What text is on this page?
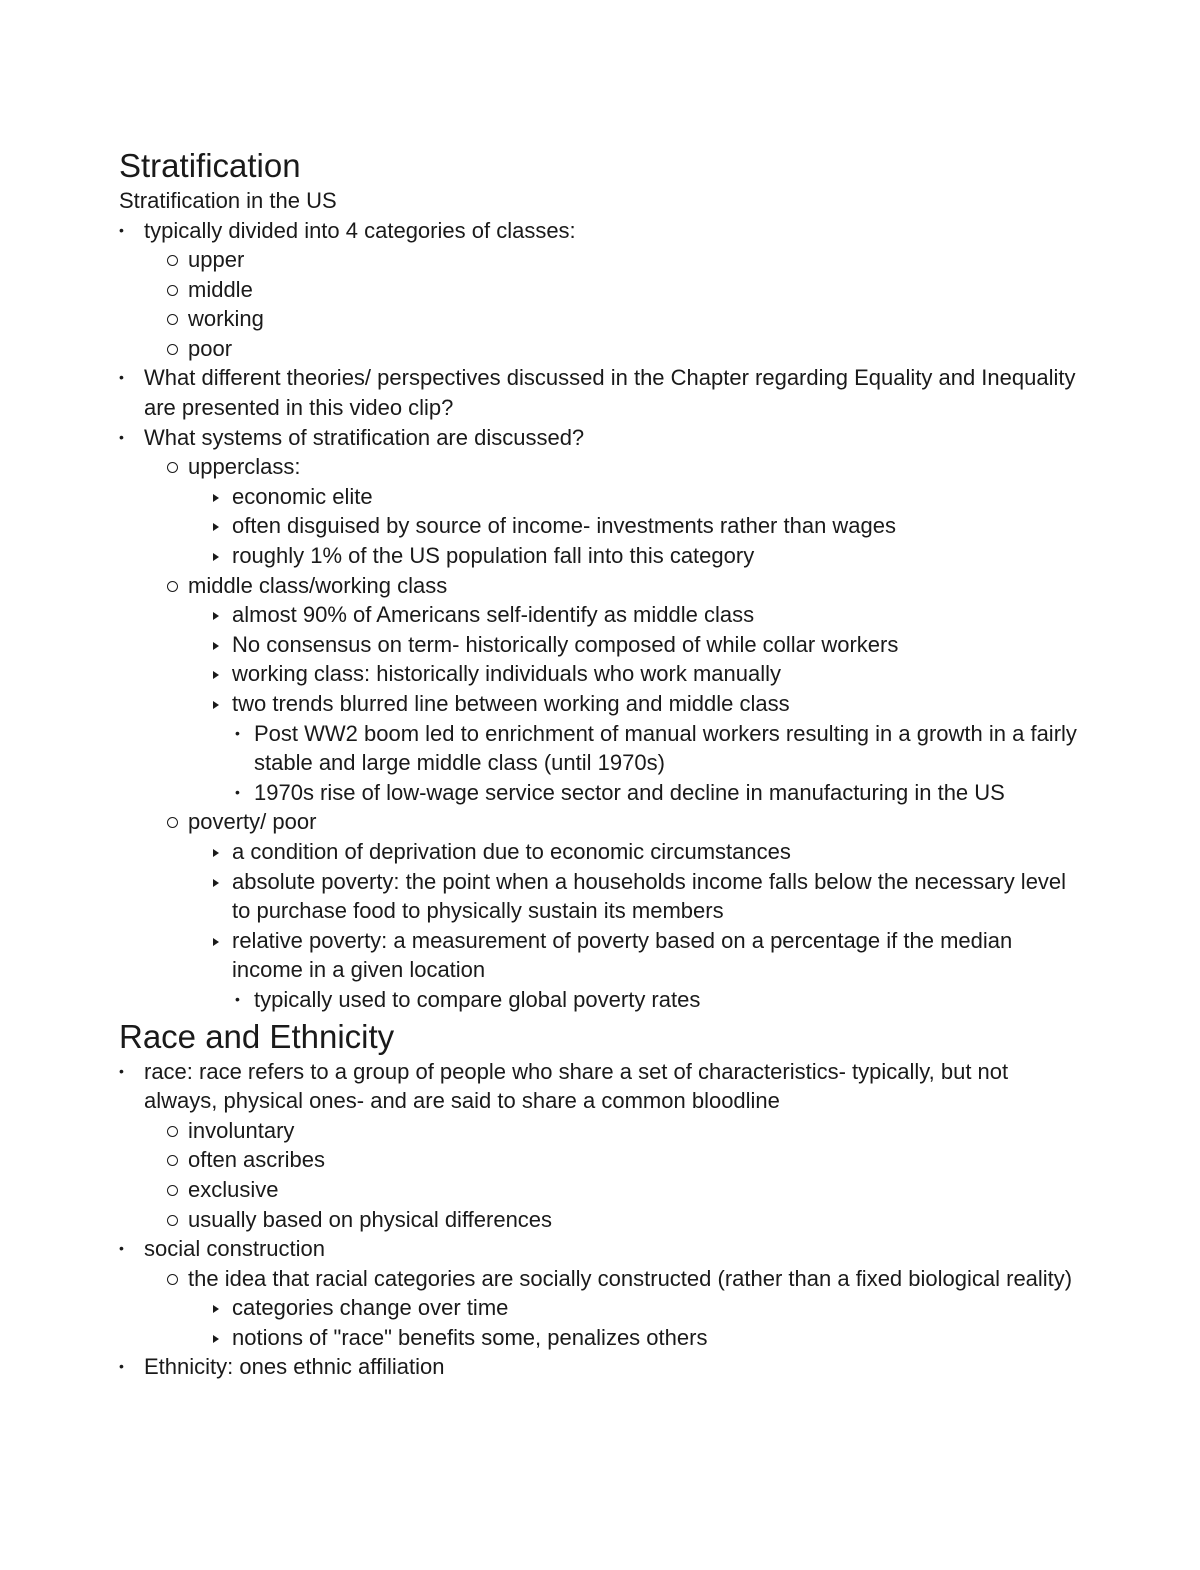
Stratification
Stratification in the US
•
typically divided into 4 categories of classes:
upper
middle
working
poor
•
What different theories/ perspectives discussed in the Chapter regarding Equality and Inequality are presented in this video clip?
•
What systems of stratification are discussed?
upperclass:
economic elite
often disguised by source of income- investments rather than wages
roughly 1% of the US population fall into this category
middle class/working class
almost 90% of Americans self-identify as middle class
No consensus on term- historically composed of while collar workers
working class: historically individuals who work manually
two trends blurred line between working and middle class
•
Post WW2 boom led to enrichment of manual workers resulting in a growth in a fairly stable and large middle class (until 1970s)
•
1970s rise of low-wage service sector and decline in manufacturing in the US
poverty/ poor
a condition of deprivation due to economic circumstances
absolute poverty: the point when a households income falls below the necessary level to purchase food to physically sustain its members
relative poverty: a measurement of poverty based on a percentage if the median income in a given location
•
typically used to compare global poverty rates
Race and Ethnicity
•
race: race refers to a group of people who share a set of characteristics- typically, but not always, physical ones- and are said to share a common bloodline
involuntary
often ascribes
exclusive
usually based on physical differences
•
social construction
the idea that racial categories are socially constructed (rather than a fixed biological reality)
categories change over time
notions of "race" benefits some, penalizes others
•
Ethnicity: ones ethnic affiliation
